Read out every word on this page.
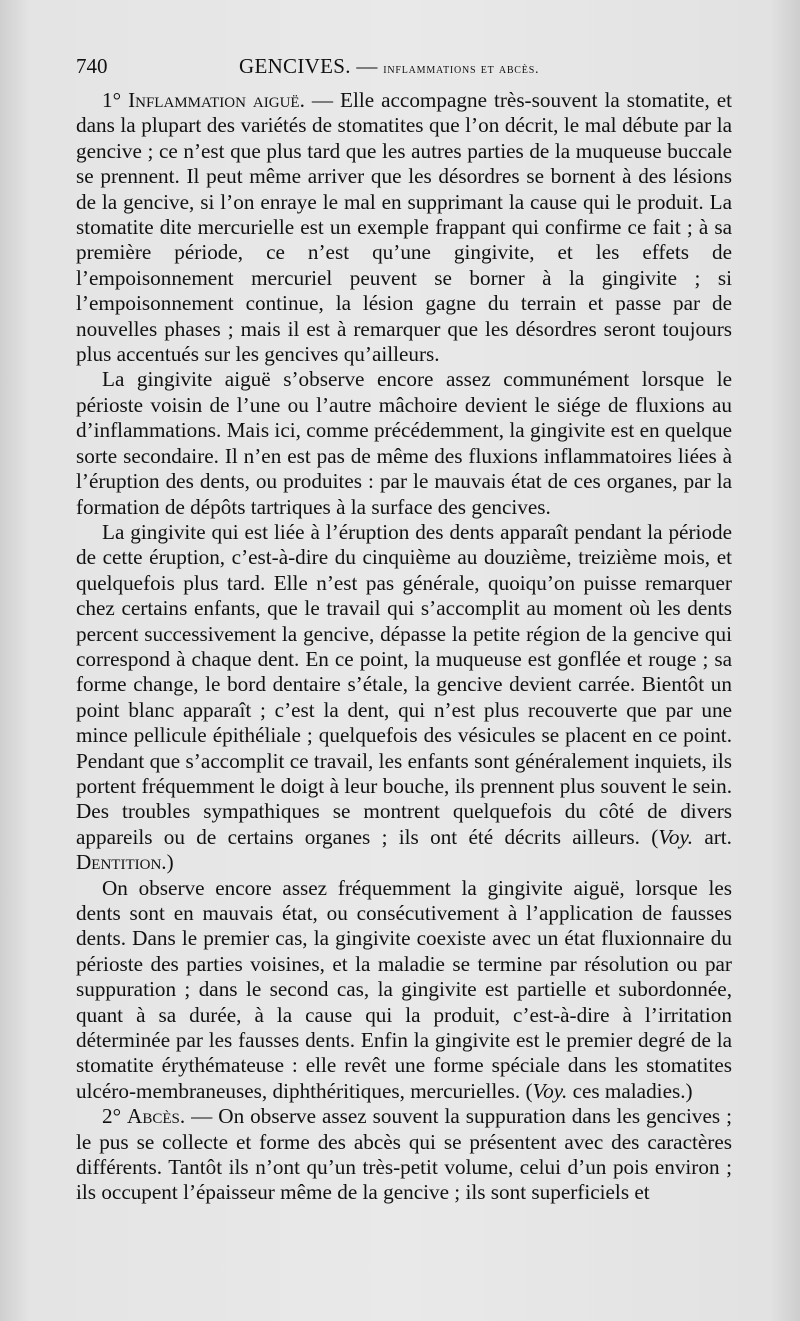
740	GENCIVES. — inflammations et abcès.

1° Inflammation aiguë. — Elle accompagne très-souvent la stomatite, et dans la plupart des variétés de stomatites que l’on décrit, le mal débute par la gencive ; ce n’est que plus tard que les autres parties de la muqueuse buccale se prennent. Il peut même arriver que les désordres se bornent à des lésions de la gencive, si l’on enraye le mal en supprimant la cause qui le produit. La stomatite dite mercurielle est un exemple frappant qui confirme ce fait ; à sa première période, ce n’est qu’une gingivite, et les effets de l’empoisonnement mercuriel peuvent se borner à la gingivite ; si l’empoisonnement continue, la lésion gagne du terrain et passe par de nouvelles phases ; mais il est à remarquer que les désordres seront toujours plus accentués sur les gencives qu’ailleurs.

La gingivite aiguë s’observe encore assez communément lorsque le périoste voisin de l’une ou l’autre mâchoire devient le siége de fluxions au d’inflammations. Mais ici, comme précédemment, la gingivite est en quelque sorte secondaire. Il n’en est pas de même des fluxions inflammatoires liées à l’éruption des dents, ou produites : par le mauvais état de ces organes, par la formation de dépôts tartriques à la surface des gencives.

La gingivite qui est liée à l’éruption des dents apparaît pendant la période de cette éruption, c’est-à-dire du cinquième au douzième, treizième mois, et quelquefois plus tard. Elle n’est pas générale, quoiqu’on puisse remarquer chez certains enfants, que le travail qui s’accomplit au moment où les dents percent successivement la gencive, dépasse la petite région de la gencive qui correspond à chaque dent. En ce point, la muqueuse est gonflée et rouge ; sa forme change, le bord dentaire s’étale, la gencive devient carrée. Bientôt un point blanc apparaît ; c’est la dent, qui n’est plus recouverte que par une mince pellicule épithéliale ; quelquefois des vésicules se placent en ce point. Pendant que s’accomplit ce travail, les enfants sont généralement inquiets, ils portent fréquemment le doigt à leur bouche, ils prennent plus souvent le sein. Des troubles sympathiques se montrent quelquefois du côté de divers appareils ou de certains organes ; ils ont été décrits ailleurs. (Voy. art. Dentition.)

On observe encore assez fréquemment la gingivite aiguë, lorsque les dents sont en mauvais état, ou consécutivement à l’application de fausses dents. Dans le premier cas, la gingivite coexiste avec un état fluxionnaire du périoste des parties voisines, et la maladie se termine par résolution ou par suppuration ; dans le second cas, la gingivite est partielle et subordonnée, quant à sa durée, à la cause qui la produit, c’est-à-dire à l’irritation déterminée par les fausses dents. Enfin la gingivite est le premier degré de la stomatite érythémateuse : elle revêt une forme spéciale dans les stomatites ulcéro-membraneuses, diphthéritiques, mercurielles. (Voy. ces maladies.)

2° Abcès. — On observe assez souvent la suppuration dans les gencives ; le pus se collecte et forme des abcès qui se présentent avec des caractères différents. Tantôt ils n’ont qu’un très-petit volume, celui d’un pois environ ; ils occupent l’épaisseur même de la gencive ; ils sont superficiels et
